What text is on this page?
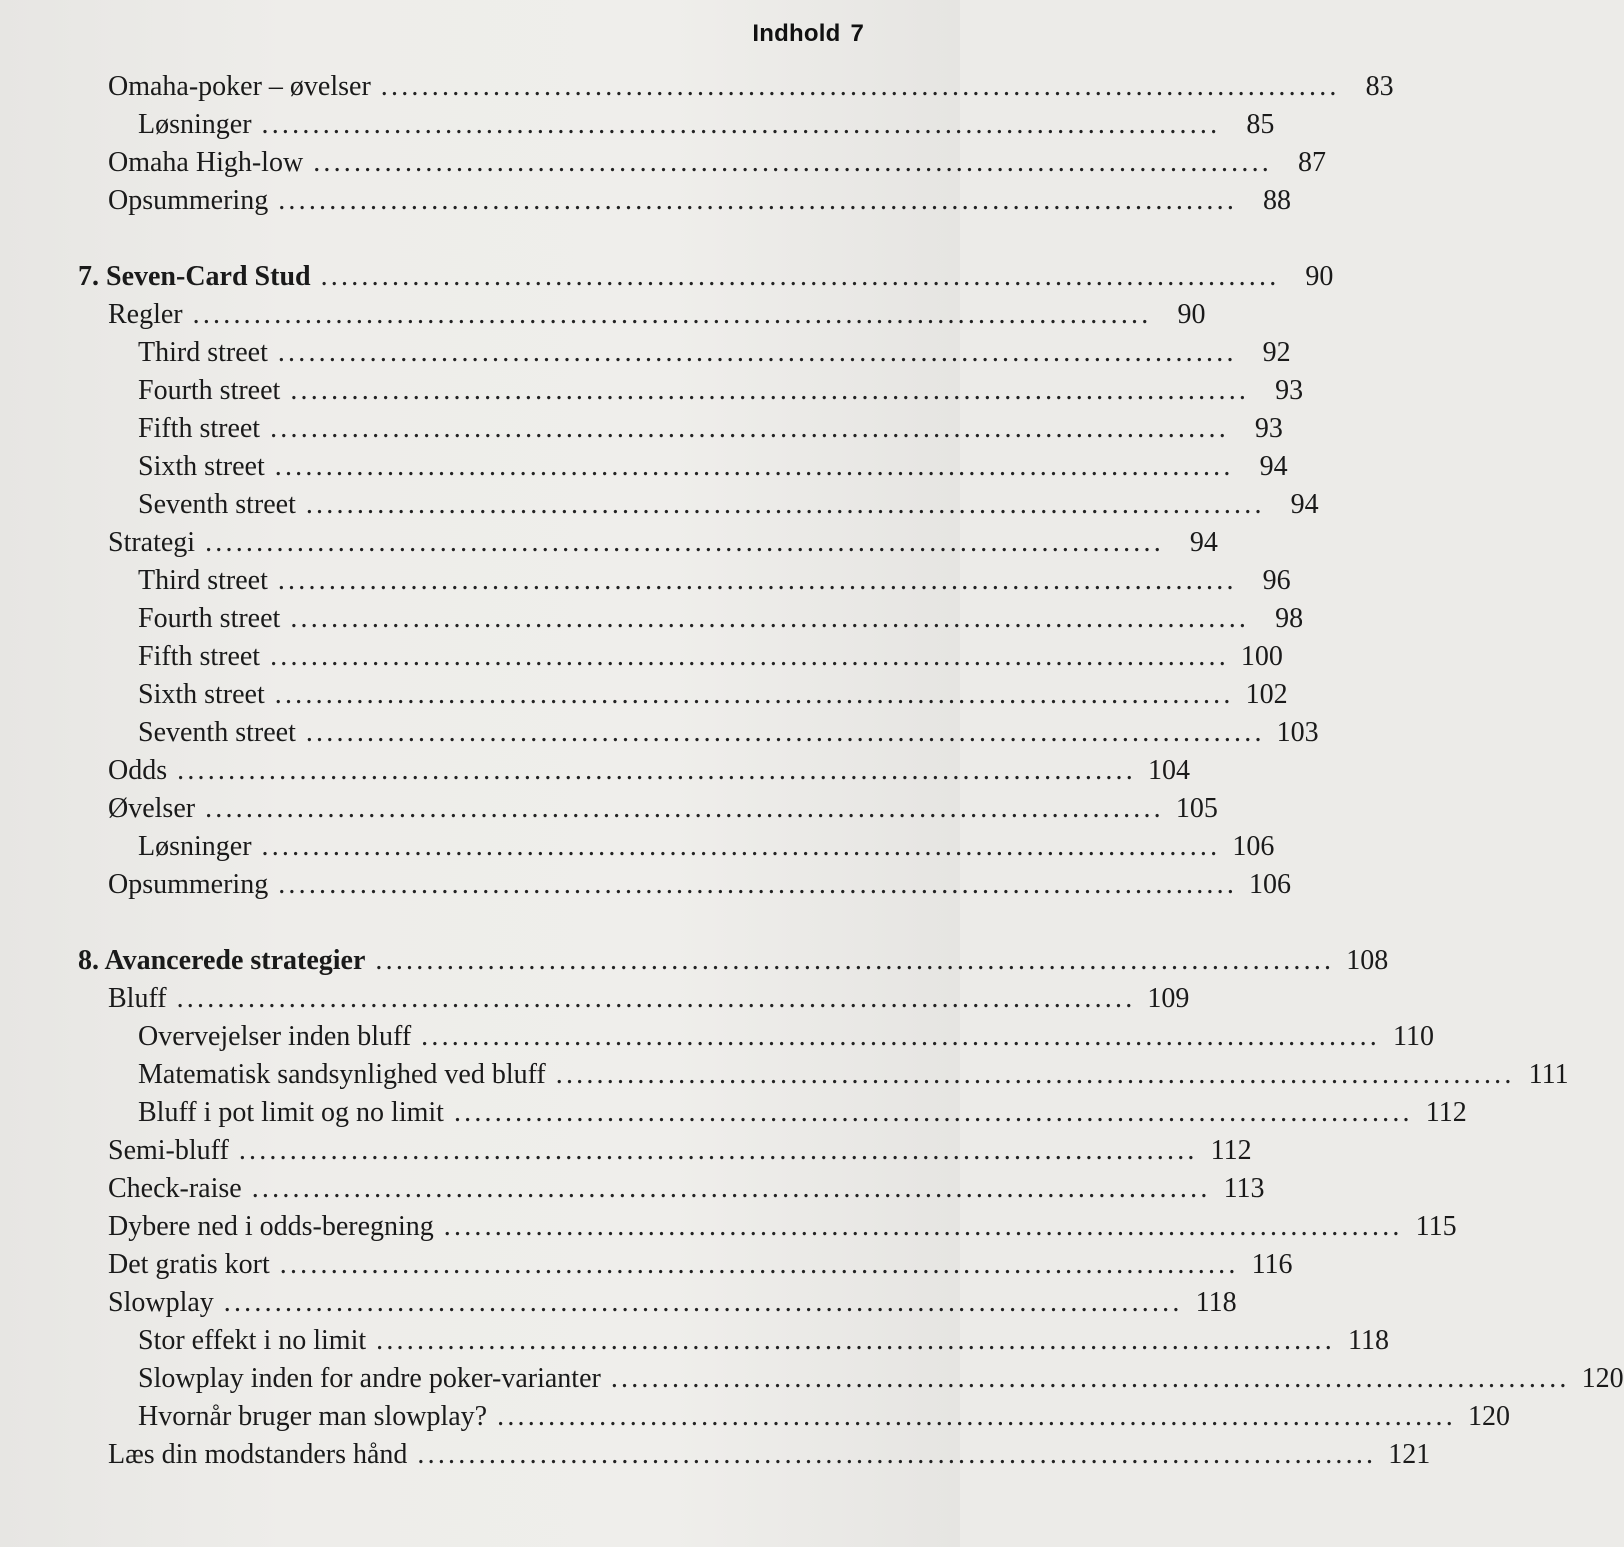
Indhold 7
Omaha-poker – øvelser .............................................................................................. 83
Løsninger .............................................................................................. 85
Omaha High-low .............................................................................................. 87
Opsummering .............................................................................................. 88
7. Seven-Card Stud .............................................................................................. 90
Regler .............................................................................................. 90
Third street .............................................................................................. 92
Fourth street .............................................................................................. 93
Fifth street .............................................................................................. 93
Sixth street .............................................................................................. 94
Seventh street .............................................................................................. 94
Strategi .............................................................................................. 94
Third street .............................................................................................. 96
Fourth street .............................................................................................. 98
Fifth street .............................................................................................. 100
Sixth street .............................................................................................. 102
Seventh street .............................................................................................. 103
Odds .............................................................................................. 104
Øvelser .............................................................................................. 105
Løsninger .............................................................................................. 106
Opsummering .............................................................................................. 106
8. Avancerede strategier .............................................................................................. 108
Bluff .............................................................................................. 109
Overvejelser inden bluff .............................................................................................. 110
Matematisk sandsynlighed ved bluff .............................................................................................. 111
Bluff i pot limit og no limit .............................................................................................. 112
Semi-bluff .............................................................................................. 112
Check-raise .............................................................................................. 113
Dybere ned i odds-beregning .............................................................................................. 115
Det gratis kort .............................................................................................. 116
Slowplay .............................................................................................. 118
Stor effekt i no limit .............................................................................................. 118
Slowplay inden for andre poker-varianter .............................................................................................. 120
Hvornår bruger man slowplay? .............................................................................................. 120
Læs din modstanders hånd .............................................................................................. 121
